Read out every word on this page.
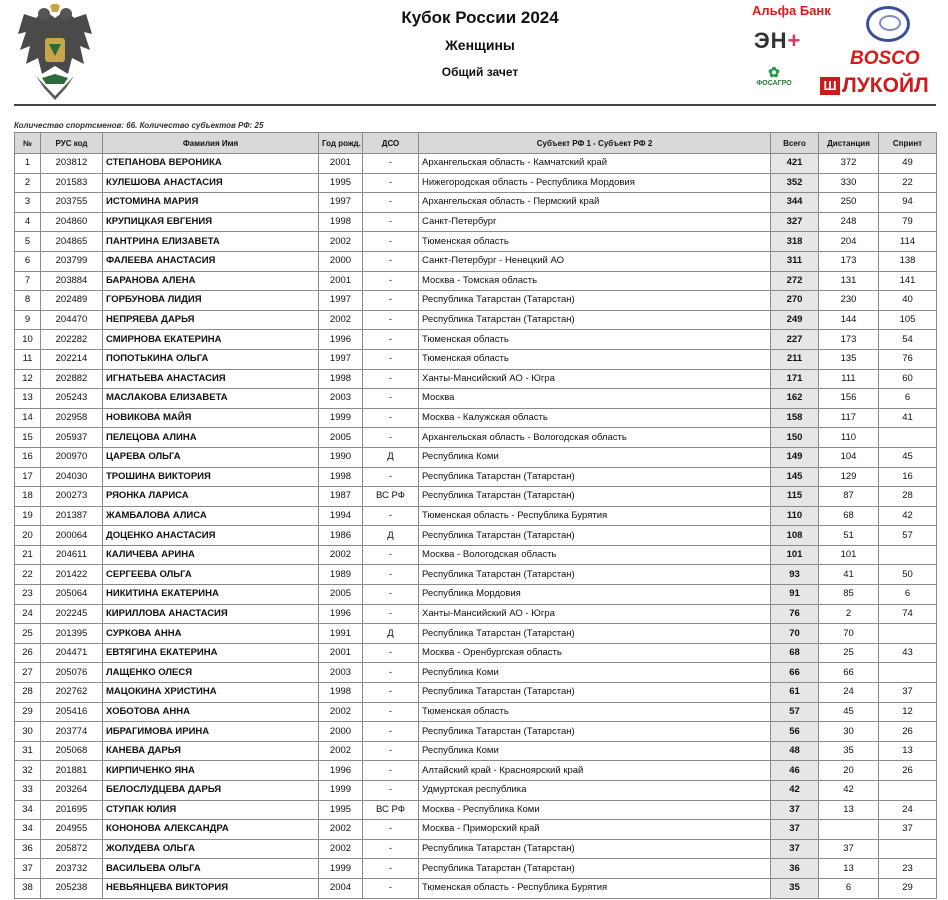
Кубок России 2024
Женщины
Общий зачет
Альфа Банк
ЭН+
✿
ФОСАГРО
BOSCO
Ш ЛУКОЙЛ
Количество спортсменов: 66. Количество субъектов РФ: 25
№	РУС код	Фамилия Имя	Год рожд.	ДСО	Субъект РФ 1 - Субъект РФ 2	Всего	Дистанция	Спринт
1	203812	СТЕПАНОВА ВЕРОНИКА	2001	-	Архангельская область - Камчатский край	421	372	49
2	201583	КУЛЕШОВА АНАСТАСИЯ	1995	-	Нижегородская область - Республика Мордовия	352	330	22
3	203755	ИСТОМИНА МАРИЯ	1997	-	Архангельская область - Пермский край	344	250	94
4	204860	КРУПИЦКАЯ ЕВГЕНИЯ	1998	-	Санкт-Петербург	327	248	79
5	204865	ПАНТРИНА ЕЛИЗАВЕТА	2002	-	Тюменская область	318	204	114
6	203799	ФАЛЕЕВА АНАСТАСИЯ	2000	-	Санкт-Петербург - Ненецкий АО	311	173	138
7	203884	БАРАНОВА АЛЕНА	2001	-	Москва - Томская область	272	131	141
8	202489	ГОРБУНОВА ЛИДИЯ	1997	-	Республика Татарстан (Татарстан)	270	230	40
9	204470	НЕПРЯЕВА ДАРЬЯ	2002	-	Республика Татарстан (Татарстан)	249	144	105
10	202282	СМИРНОВА ЕКАТЕРИНА	1996	-	Тюменская область	227	173	54
11	202214	ПОПОТЬКИНА ОЛЬГА	1997	-	Тюменская область	211	135	76
12	202882	ИГНАТЬЕВА АНАСТАСИЯ	1998	-	Ханты-Мансийский АО - Югра	171	111	60
13	205243	МАСЛАКОВА ЕЛИЗАВЕТА	2003	-	Москва	162	156	6
14	202958	НОВИКОВА МАЙЯ	1999	-	Москва - Калужская область	158	117	41
15	205937	ПЕЛЕЦОВА АЛИНА	2005	-	Архангельская область - Вологодская область	150	110	
16	200970	ЦАРЕВА ОЛЬГА	1990	Д	Республика Коми	149	104	45
17	204030	ТРОШИНА ВИКТОРИЯ	1998	-	Республика Татарстан (Татарстан)	145	129	16
18	200273	РЯОНКА ЛАРИСА	1987	ВС РФ	Республика Татарстан (Татарстан)	115	87	28
19	201387	ЖАМБАЛОВА АЛИСА	1994	-	Тюменская область - Республика Бурятия	110	68	42
20	200064	ДОЦЕНКО АНАСТАСИЯ	1986	Д	Республика Татарстан (Татарстан)	108	51	57
21	204611	КАЛИЧЕВА АРИНА	2002	-	Москва - Вологодская область	101	101	
22	201422	СЕРГЕЕВА ОЛЬГА	1989	-	Республика Татарстан (Татарстан)	93	41	50
23	205064	НИКИТИНА ЕКАТЕРИНА	2005	-	Республика Мордовия	91	85	6
24	202245	КИРИЛЛОВА АНАСТАСИЯ	1996	-	Ханты-Мансийский АО - Югра	76	2	74
25	201395	СУРКОВА АННА	1991	Д	Республика Татарстан (Татарстан)	70	70	
26	204471	ЕВТЯГИНА ЕКАТЕРИНА	2001	-	Москва - Оренбургская область	68	25	43
27	205076	ЛАЩЕНКО ОЛЕСЯ	2003	-	Республика Коми	66	66	
28	202762	МАЦОКИНА ХРИСТИНА	1998	-	Республика Татарстан (Татарстан)	61	24	37
29	205416	ХОБОТОВА АННА	2002	-	Тюменская область	57	45	12
30	203774	ИБРАГИМОВА ИРИНА	2000	-	Республика Татарстан (Татарстан)	56	30	26
31	205068	КАНЕВА ДАРЬЯ	2002	-	Республика Коми	48	35	13
32	201881	КИРПИЧЕНКО ЯНА	1996	-	Алтайский край - Красноярский край	46	20	26
33	203264	БЕЛОСЛУДЦЕВА ДАРЬЯ	1999	-	Удмуртская республика	42	42	
34	201695	СТУПАК ЮЛИЯ	1995	ВС РФ	Москва - Республика Коми	37	13	24
34	204955	КОНОНОВА АЛЕКСАНДРА	2002	-	Москва - Приморский край	37		37
36	205872	ЖОЛУДЕВА ОЛЬГА	2002	-	Республика Татарстан (Татарстан)	37	37	
37	203732	ВАСИЛЬЕВА ОЛЬГА	1999	-	Республика Татарстан (Татарстан)	36	13	23
38	205238	НЕВЬЯНЦЕВА ВИКТОРИЯ	2004	-	Тюменская область - Республика Бурятия	35	6	29
